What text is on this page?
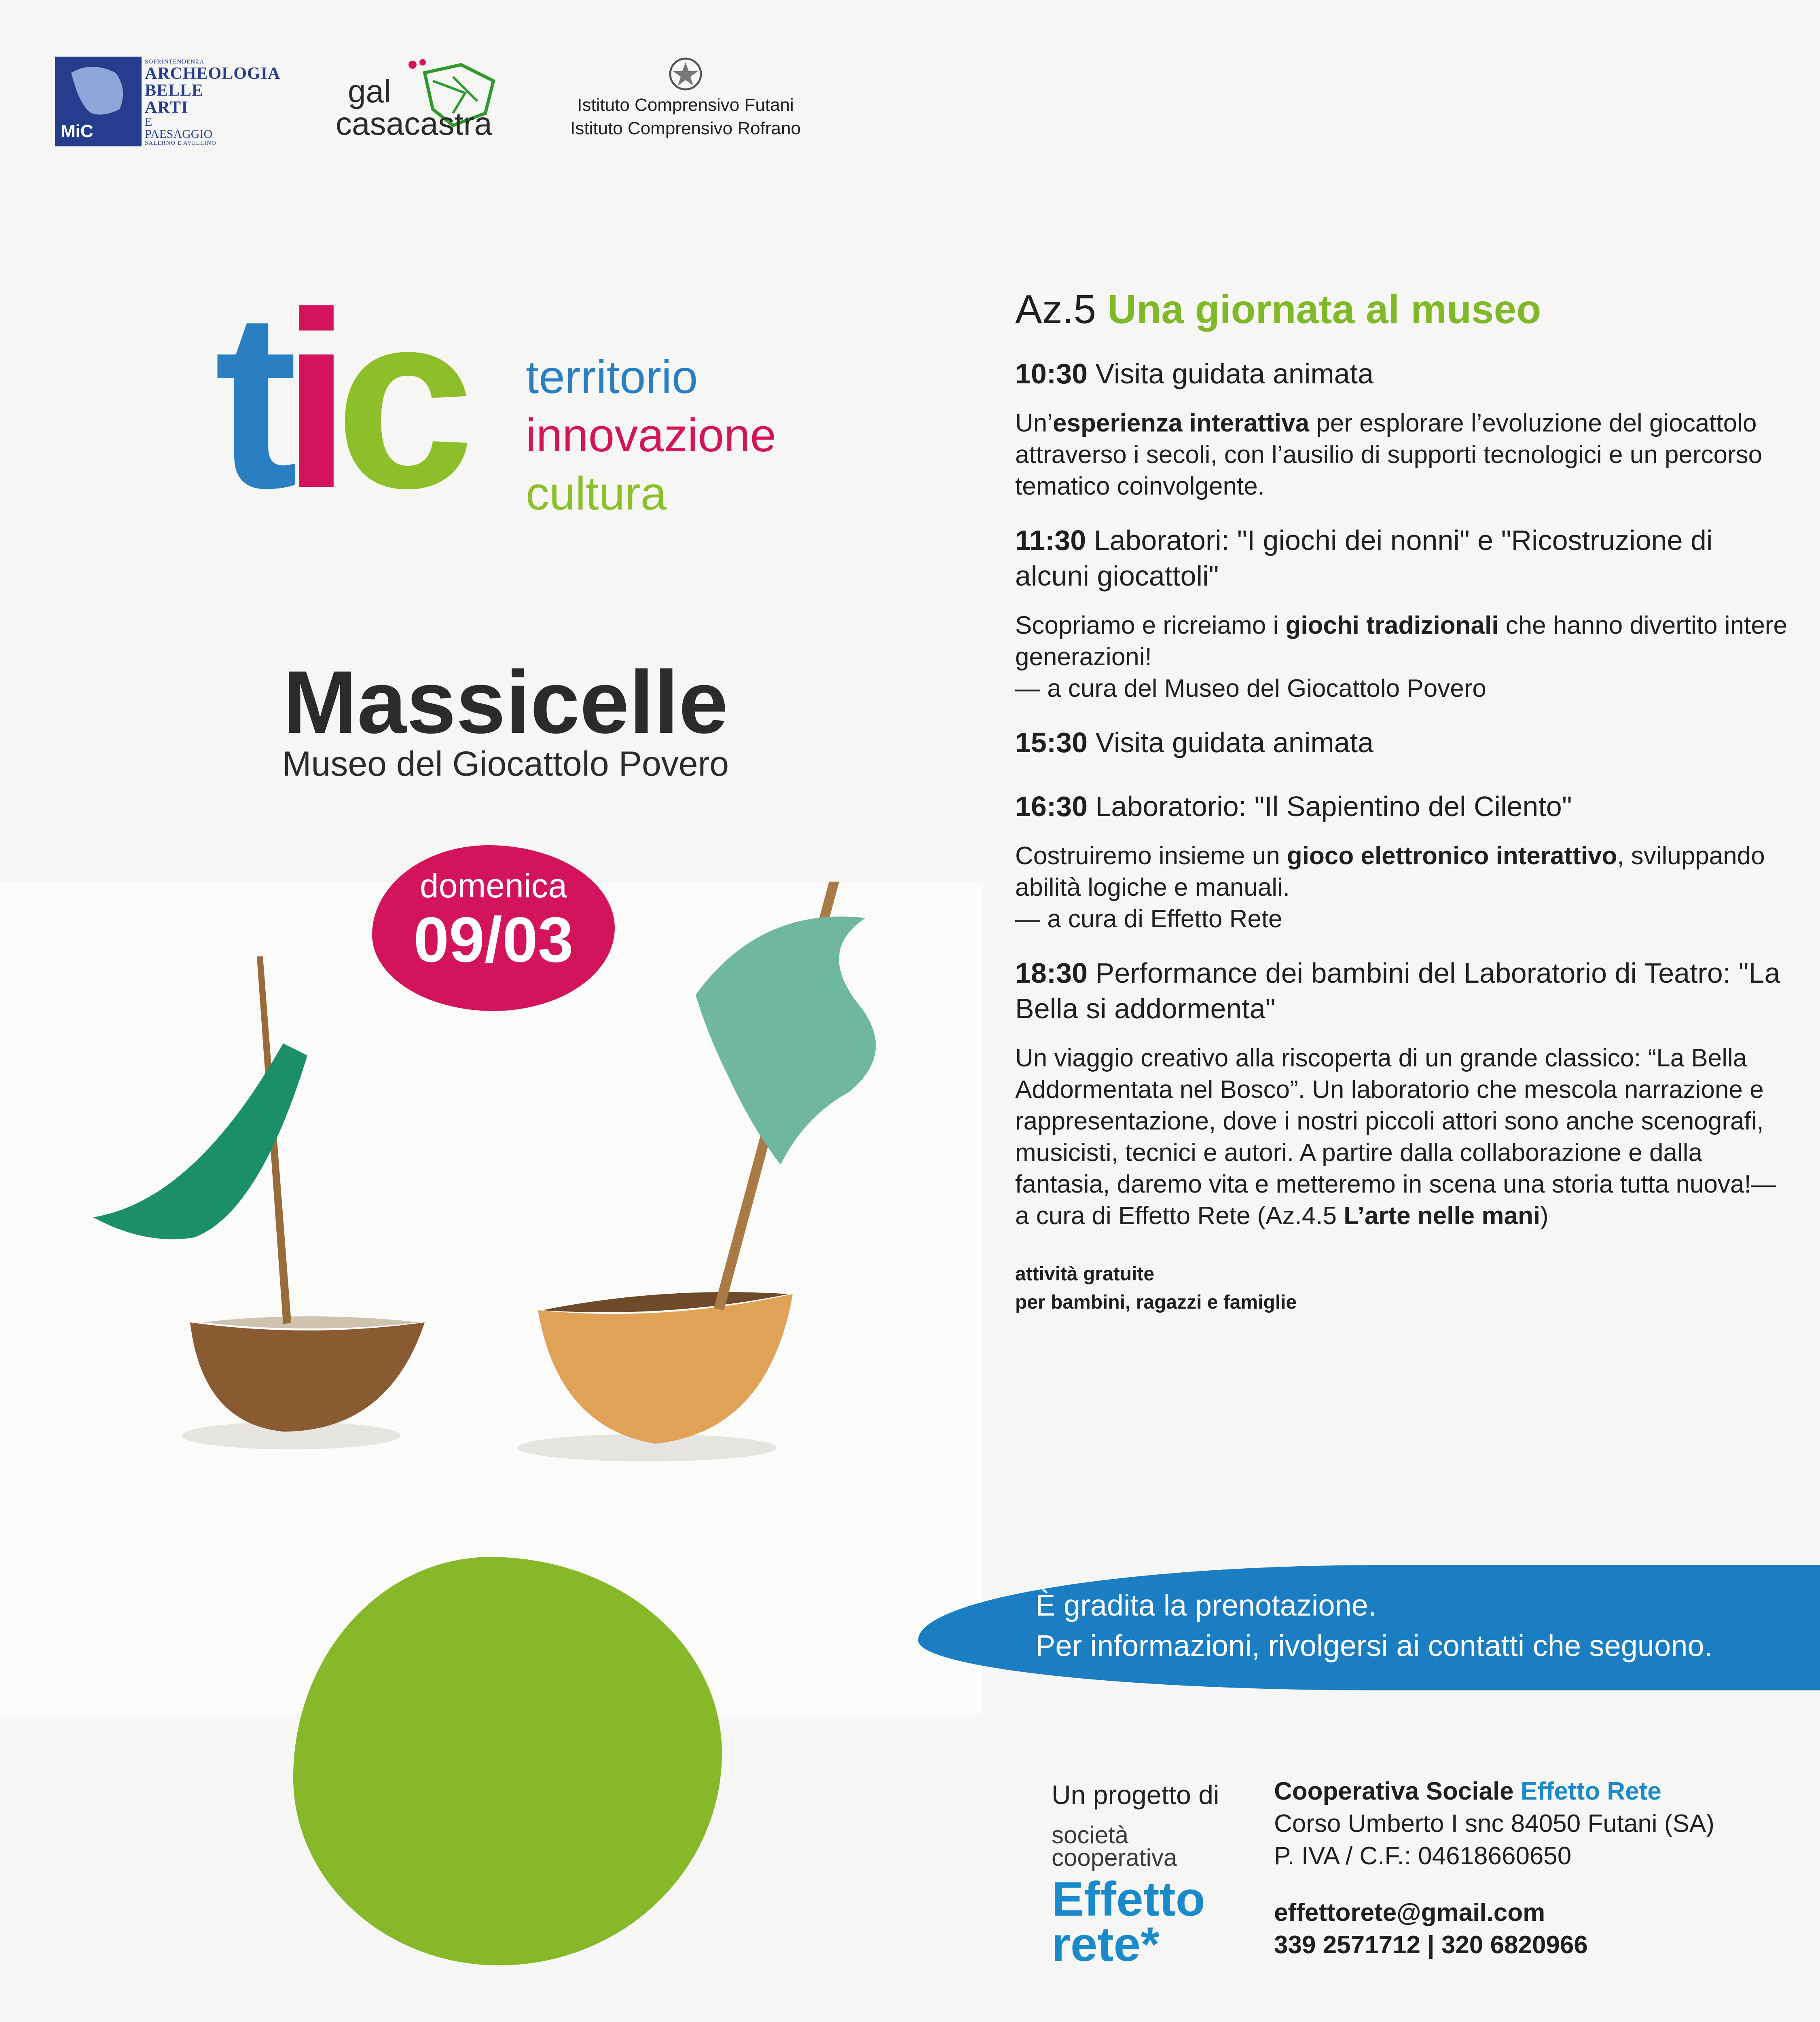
MiC
SOPRINTENDENZA
ARCHEOLOGIA
BELLE ARTI
E PAESAGGIO
SALERNO E AVELLINO
gal
casacastra
Istituto Comprensivo Futani
Istituto Comprensivo Rofrano
tic territorio
innovazione
cultura
Massicelle
Museo del Giocattolo Povero
domenica
09/03
Az.5 Una giornata al museo
10:30 Visita guidata animata
Un’esperienza interattiva per esplorare l’evoluzione del giocattolo attraverso i secoli, con l’ausilio di supporti tecnologici e un percorso tematico coinvolgente.
11:30 Laboratori: "I giochi dei nonni" e "Ricostruzione di alcuni giocattoli"
Scopriamo e ricreiamo i giochi tradizionali che hanno divertito intere generazioni!
— a cura del Museo del Giocattolo Povero
15:30 Visita guidata animata
16:30 Laboratorio: "Il Sapientino del Cilento"
Costruiremo insieme un gioco elettronico interattivo, sviluppando abilità logiche e manuali.
— a cura di Effetto Rete
18:30 Performance dei bambini del Laboratorio di Teatro: "La Bella si addormenta"
Un viaggio creativo alla riscoperta di un grande classico: “La Bella Addormentata nel Bosco”. Un laboratorio che mescola narrazione e rappresentazione, dove i nostri piccoli attori sono anche scenografi, musicisti, tecnici e autori. A partire dalla collaborazione e dalla fantasia, daremo vita e metteremo in scena una storia tutta nuova!— a cura di Effetto Rete (Az.4.5 L’arte nelle mani)
attività gratuite
per bambini, ragazzi e famiglie
È gradita la prenotazione.
Per informazioni, rivolgersi ai contatti che seguono.
Un progetto di
società
cooperativa
Effetto
rete*
Cooperativa Sociale Effetto Rete
Corso Umberto I snc 84050 Futani (SA)
P. IVA / C.F.: 04618660650
effettorete@gmail.com
339 2571712 | 320 6820966
